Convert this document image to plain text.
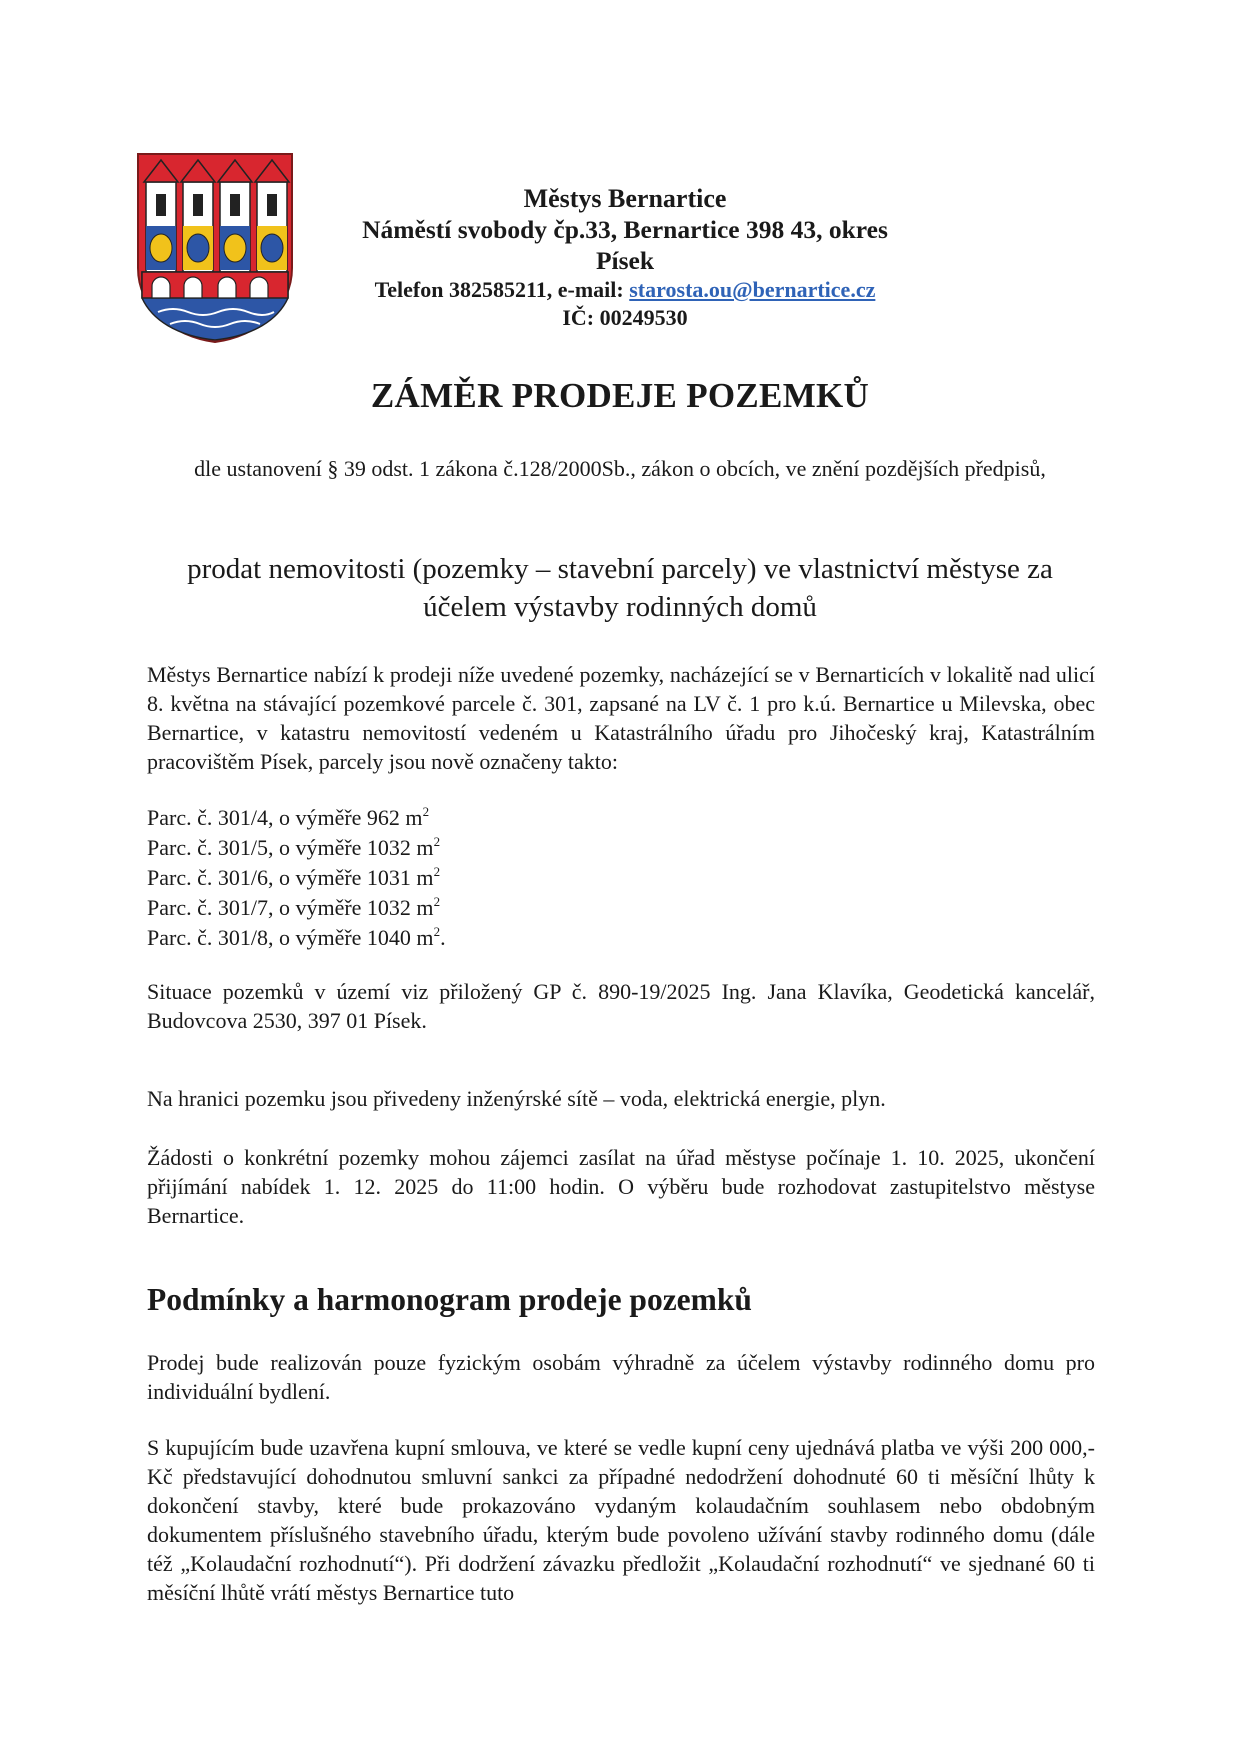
Městys Bernartice
Náměstí svobody čp.33, Bernartice 398 43, okres Písek
Telefon 382585211, e-mail: starosta.ou@bernartice.cz
IČ: 00249530
ZÁMĚR PRODEJE POZEMKŮ
dle ustanovení § 39 odst. 1 zákona č.128/2000Sb., zákon o obcích, ve znění pozdějších předpisů,
prodat nemovitosti (pozemky – stavební parcely) ve vlastnictví městyse za účelem výstavby rodinných domů

Městys Bernartice nabízí k prodeji níže uvedené pozemky, nacházející se v Bernarticích v lokalitě nad ulicí 8. května na stávající pozemkové parcele č. 301, zapsané na LV č. 1 pro k.ú. Bernartice u Milevska, obec Bernartice, v katastru nemovitostí vedeném u Katastrálního úřadu pro Jihočeský kraj, Katastrálním pracovištěm Písek, parcely jsou nově označeny takto:

Parc. č. 301/4, o výměře 962 $m^2$
Parc. č. 301/5, o výměře 1032 $m^2$
Parc. č. 301/6, o výměře 1031 $m^2$
Parc. č. 301/7, o výměře 1032 $m^2$
Parc. č. 301/8, o výměře 1040 $m^2$.

Situace pozemků v území viz přiložený GP č. 890-19/2025 Ing. Jana Klavíka, Geodetická kancelář, Budovcova 2530, 397 01 Písek.

Na hranici pozemku jsou přivedeny inženýrské sítě – voda, elektrická energie, plyn.

Žádosti o konkrétní pozemky mohou zájemci zasílat na úřad městyse počínaje 1. 10. 2025, ukončení přijímání nabídek 1. 12. 2025 do 11:00 hodin. O výběru bude rozhodovat zastupitelstvo městyse Bernartice.

Podmínky a harmonogram prodeje pozemků

Prodej bude realizován pouze fyzickým osobám výhradně za účelem výstavby rodinného domu pro individuální bydlení.

S kupujícím bude uzavřena kupní smlouva, ve které se vedle kupní ceny ujednává platba ve výši 200 000,- Kč představující dohodnutou smluvní sankci za případné nedodržení dohodnuté 60 ti měsíční lhůty k dokončení stavby, které bude prokazováno vydaným kolaudačním souhlasem nebo obdobným dokumentem příslušného stavebního úřadu, kterým bude povoleno užívání stavby rodinného domu (dále též „Kolaudační rozhodnutí“). Při dodržení závazku předložit „Kolaudační rozhodnutí“ ve sjednané 60 ti měsíční lhůtě vrátí městys Bernartice tuto
